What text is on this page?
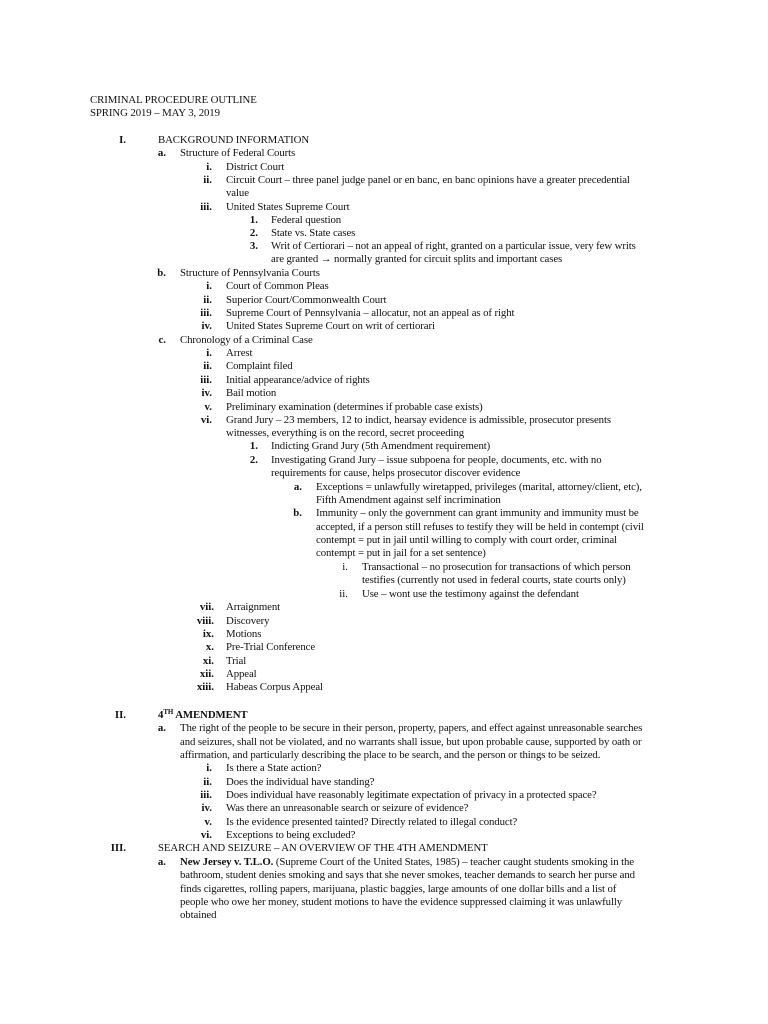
CRIMINAL PROCEDURE OUTLINE
SPRING 2019 – MAY 3, 2019
I.	BACKGROUND INFORMATION
a. Structure of Federal Courts
i. District Court
ii. Circuit Court – three panel judge panel or en banc, en banc opinions have a greater precedential
value
iii. United States Supreme Court
1. Federal question
2. State vs. State cases
3. Writ of Certiorari – not an appeal of right, granted on a particular issue, very few writs
are granted → normally granted for circuit splits and important cases
b. Structure of Pennsylvania Courts
i. Court of Common Pleas
ii. Superior Court/Commonwealth Court
iii. Supreme Court of Pennsylvania – allocatur, not an appeal as of right
iv. United States Supreme Court on writ of certiorari
c. Chronology of a Criminal Case
i. Arrest
ii. Complaint filed
iii. Initial appearance/advice of rights
iv. Bail motion
v. Preliminary examination (determines if probable case exists)
vi. Grand Jury – 23 members, 12 to indict, hearsay evidence is admissible, prosecutor presents
witnesses, everything is on the record, secret proceeding
1. Indicting Grand Jury (5th Amendment requirement)
2. Investigating Grand Jury – issue subpoena for people, documents, etc. with no
requirements for cause, helps prosecutor discover evidence
a. Exceptions = unlawfully wiretapped, privileges (marital, attorney/client, etc),
Fifth Amendment against self incrimination
b. Immunity – only the government can grant immunity and immunity must be
accepted, if a person still refuses to testify they will be held in contempt (civil
contempt = put in jail until willing to comply with court order, criminal
contempt = put in jail for a set sentence)
i. Transactional – no prosecution for transactions of which person
testifies (currently not used in federal courts, state courts only)
ii. Use – wont use the testimony against the defendant
vii. Arraignment
viii. Discovery
ix. Motions
x. Pre-Trial Conference
xi. Trial
xii. Appeal
xiii. Habeas Corpus Appeal
II.	4TH AMENDMENT
a. The right of the people to be secure in their person, property, papers, and effect against unreasonable searches
and seizures, shall not be violated, and no warrants shall issue, but upon probable cause, supported by oath or
affirmation, and particularly describing the place to be search, and the person or things to be seized.
i. Is there a State action?
ii. Does the individual have standing?
iii. Does individual have reasonably legitimate expectation of privacy in a protected space?
iv. Was there an unreasonable search or seizure of evidence?
v. Is the evidence presented tainted? Directly related to illegal conduct?
vi. Exceptions to being excluded?
III.	SEARCH AND SEIZURE – AN OVERVIEW OF THE 4TH AMENDMENT
a. New Jersey v. T.L.O. (Supreme Court of the United States, 1985) – teacher caught students smoking in the
bathroom, student denies smoking and says that she never smokes, teacher demands to search her purse and
finds cigarettes, rolling papers, marijuana, plastic baggies, large amounts of one dollar bills and a list of
people who owe her money, student motions to have the evidence suppressed claiming it was unlawfully
obtained
